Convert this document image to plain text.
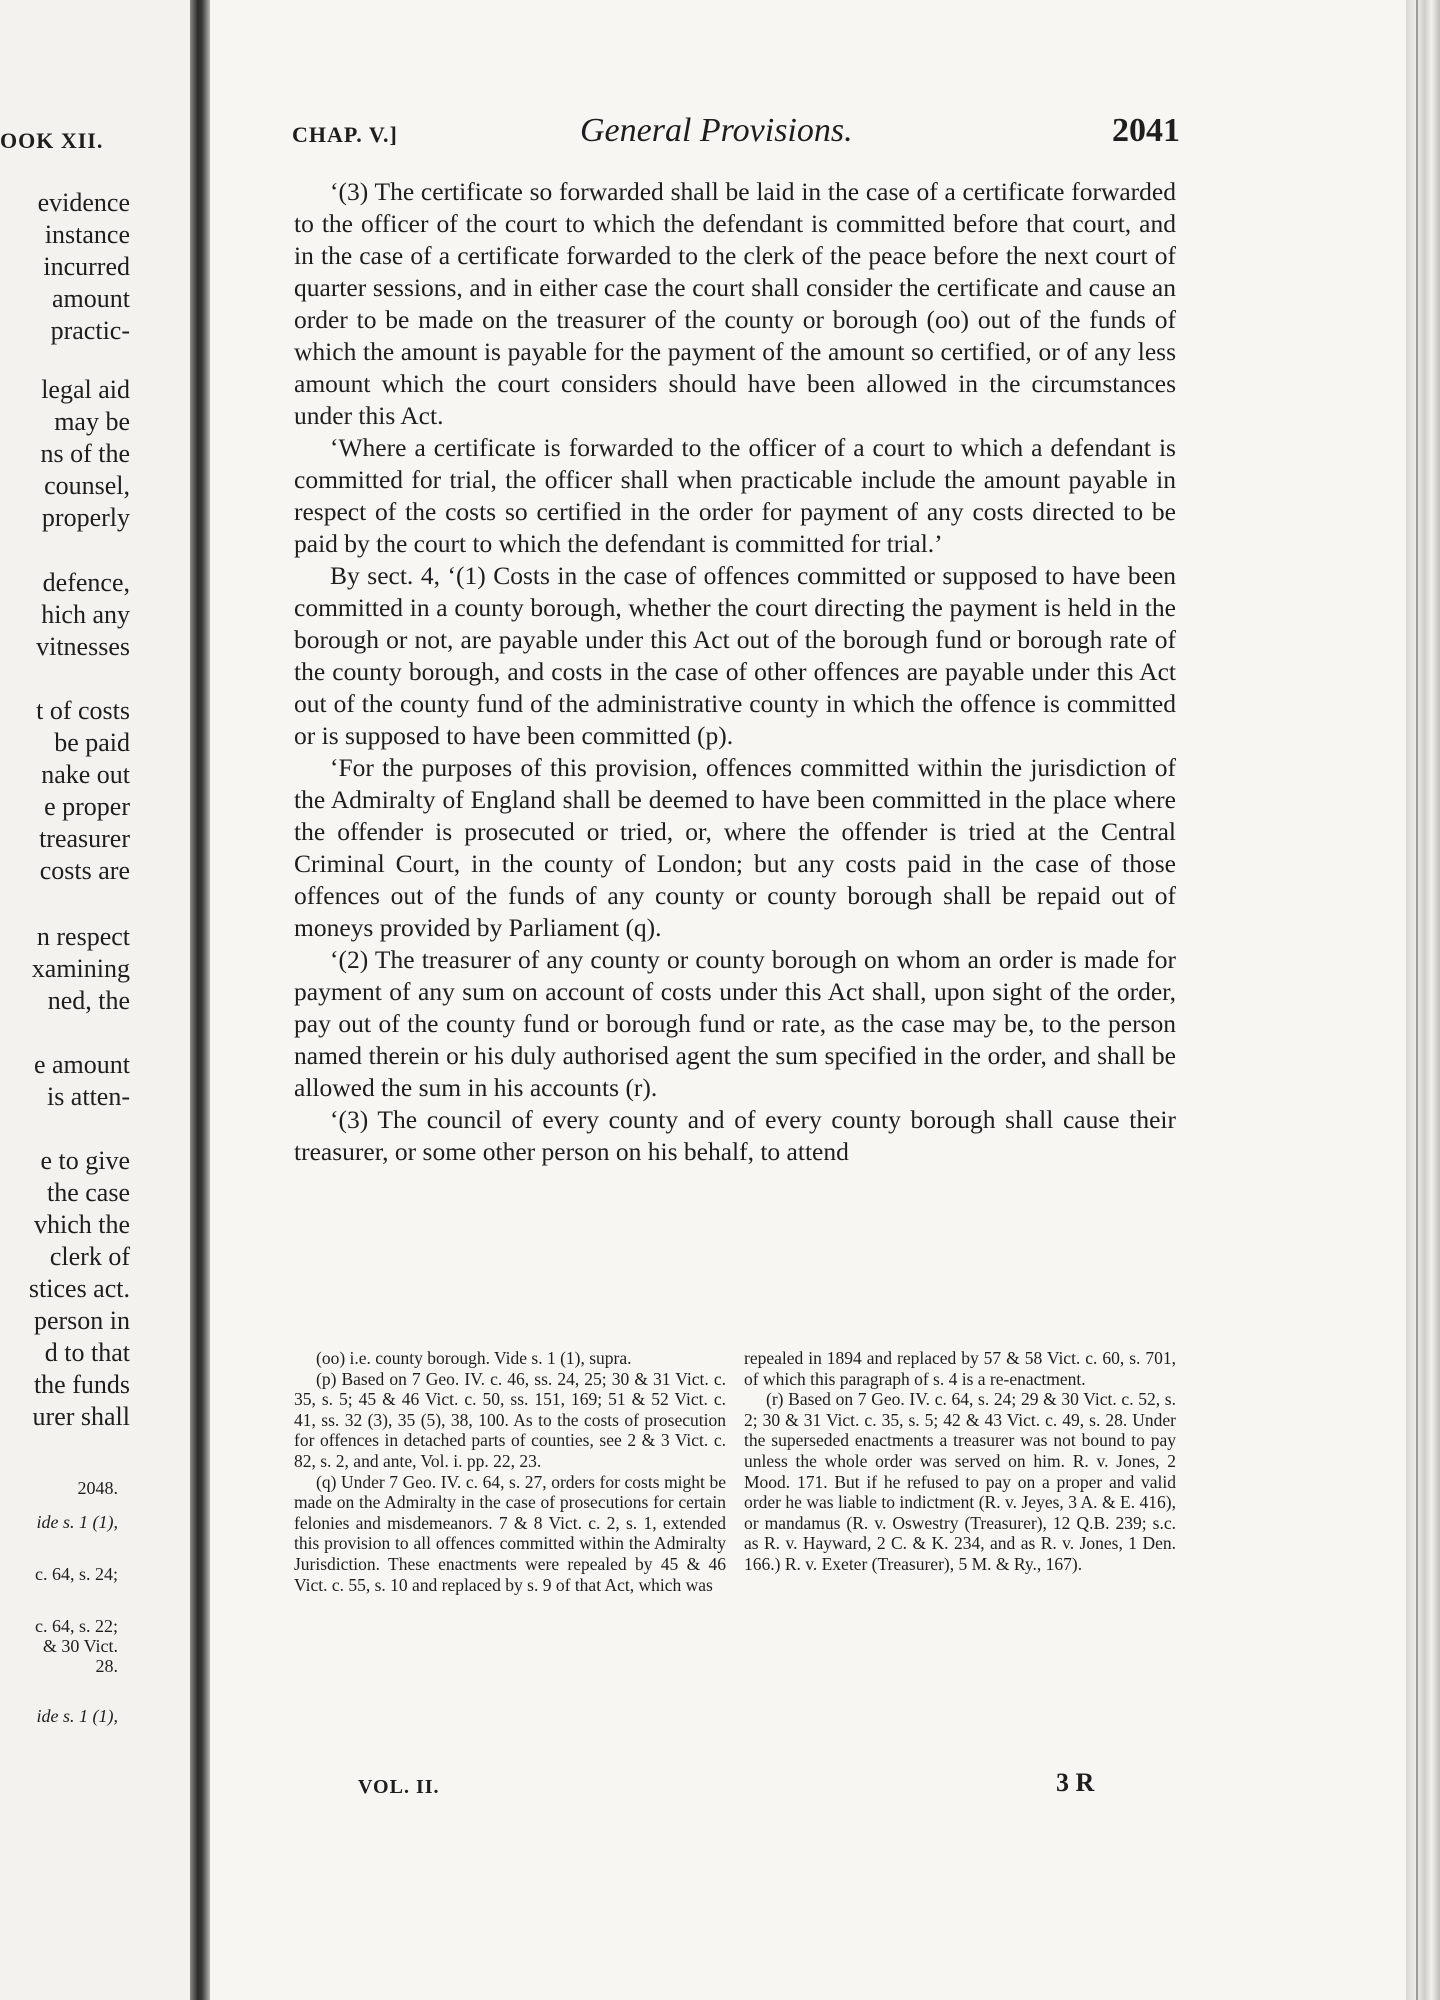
OOK XII.
evidence
instance
incurred
amount
practic-
legal aid
may be
ns of the
counsel,
properly
defence,
hich any
vitnesses
t of costs
be paid
nake out
e proper
treasurer
costs are
n respect
xamining
ned, the
e amount
is atten-
e to give
the case
vhich the
clerk of
stices act.
person in
d to that
the funds
urer shall
2048.
ide s. 1 (1),
c. 64, s. 24;
c. 64, s. 22;
& 30 Vict.
28.
ide s. 1 (1),
CHAP. V.]	General Provisions.	2041

‘(3) The certificate so forwarded shall be laid in the case of a certificate forwarded to the officer of the court to which the defendant is committed before that court, and in the case of a certificate forwarded to the clerk of the peace before the next court of quarter sessions, and in either case the court shall consider the certificate and cause an order to be made on the treasurer of the county or borough (oo) out of the funds of which the amount is payable for the payment of the amount so certified, or of any less amount which the court considers should have been allowed in the circumstances under this Act.

‘Where a certificate is forwarded to the officer of a court to which a defendant is committed for trial, the officer shall when practicable include the amount payable in respect of the costs so certified in the order for payment of any costs directed to be paid by the court to which the defendant is committed for trial.’

By sect. 4, ‘(1) Costs in the case of offences committed or supposed to have been committed in a county borough, whether the court directing the payment is held in the borough or not, are payable under this Act out of the borough fund or borough rate of the county borough, and costs in the case of other offences are payable under this Act out of the county fund of the administrative county in which the offence is committed or is supposed to have been committed (p).

‘For the purposes of this provision, offences committed within the jurisdiction of the Admiralty of England shall be deemed to have been committed in the place where the offender is prosecuted or tried, or, where the offender is tried at the Central Criminal Court, in the county of London; but any costs paid in the case of those offences out of the funds of any county or county borough shall be repaid out of moneys provided by Parliament (q).

‘(2) The treasurer of any county or county borough on whom an order is made for payment of any sum on account of costs under this Act shall, upon sight of the order, pay out of the county fund or borough fund or rate, as the case may be, to the person named therein or his duly authorised agent the sum specified in the order, and shall be allowed the sum in his accounts (r).

‘(3) The council of every county and of every county borough shall cause their treasurer, or some other person on his behalf, to attend

(oo) i.e. county borough. Vide s. 1 (1), supra.

(p) Based on 7 Geo. IV. c. 46, ss. 24, 25; 30 & 31 Vict. c. 35, s. 5; 45 & 46 Vict. c. 50, ss. 151, 169; 51 & 52 Vict. c. 41, ss. 32 (3), 35 (5), 38, 100. As to the costs of prosecution for offences in detached parts of counties, see 2 & 3 Vict. c. 82, s. 2, and ante, Vol. i. pp. 22, 23.

(q) Under 7 Geo. IV. c. 64, s. 27, orders for costs might be made on the Admiralty in the case of prosecutions for certain felonies and misdemeanors. 7 & 8 Vict. c. 2, s. 1, extended this provision to all offences committed within the Admiralty Jurisdiction. These enactments were repealed by 45 & 46 Vict. c. 55, s. 10 and replaced by s. 9 of that Act, which was

repealed in 1894 and replaced by 57 & 58 Vict. c. 60, s. 701, of which this paragraph of s. 4 is a re-enactment.

(r) Based on 7 Geo. IV. c. 64, s. 24; 29 & 30 Vict. c. 52, s. 2; 30 & 31 Vict. c. 35, s. 5; 42 & 43 Vict. c. 49, s. 28. Under the superseded enactments a treasurer was not bound to pay unless the whole order was served on him. R. v. Jones, 2 Mood. 171. But if he refused to pay on a proper and valid order he was liable to indictment (R. v. Jeyes, 3 A. & E. 416), or mandamus (R. v. Oswestry (Treasurer), 12 Q.B. 239; s.c. as R. v. Hayward, 2 C. & K. 234, and as R. v. Jones, 1 Den. 166.) R. v. Exeter (Treasurer), 5 M. & Ry., 167).

VOL. II.	3 R
